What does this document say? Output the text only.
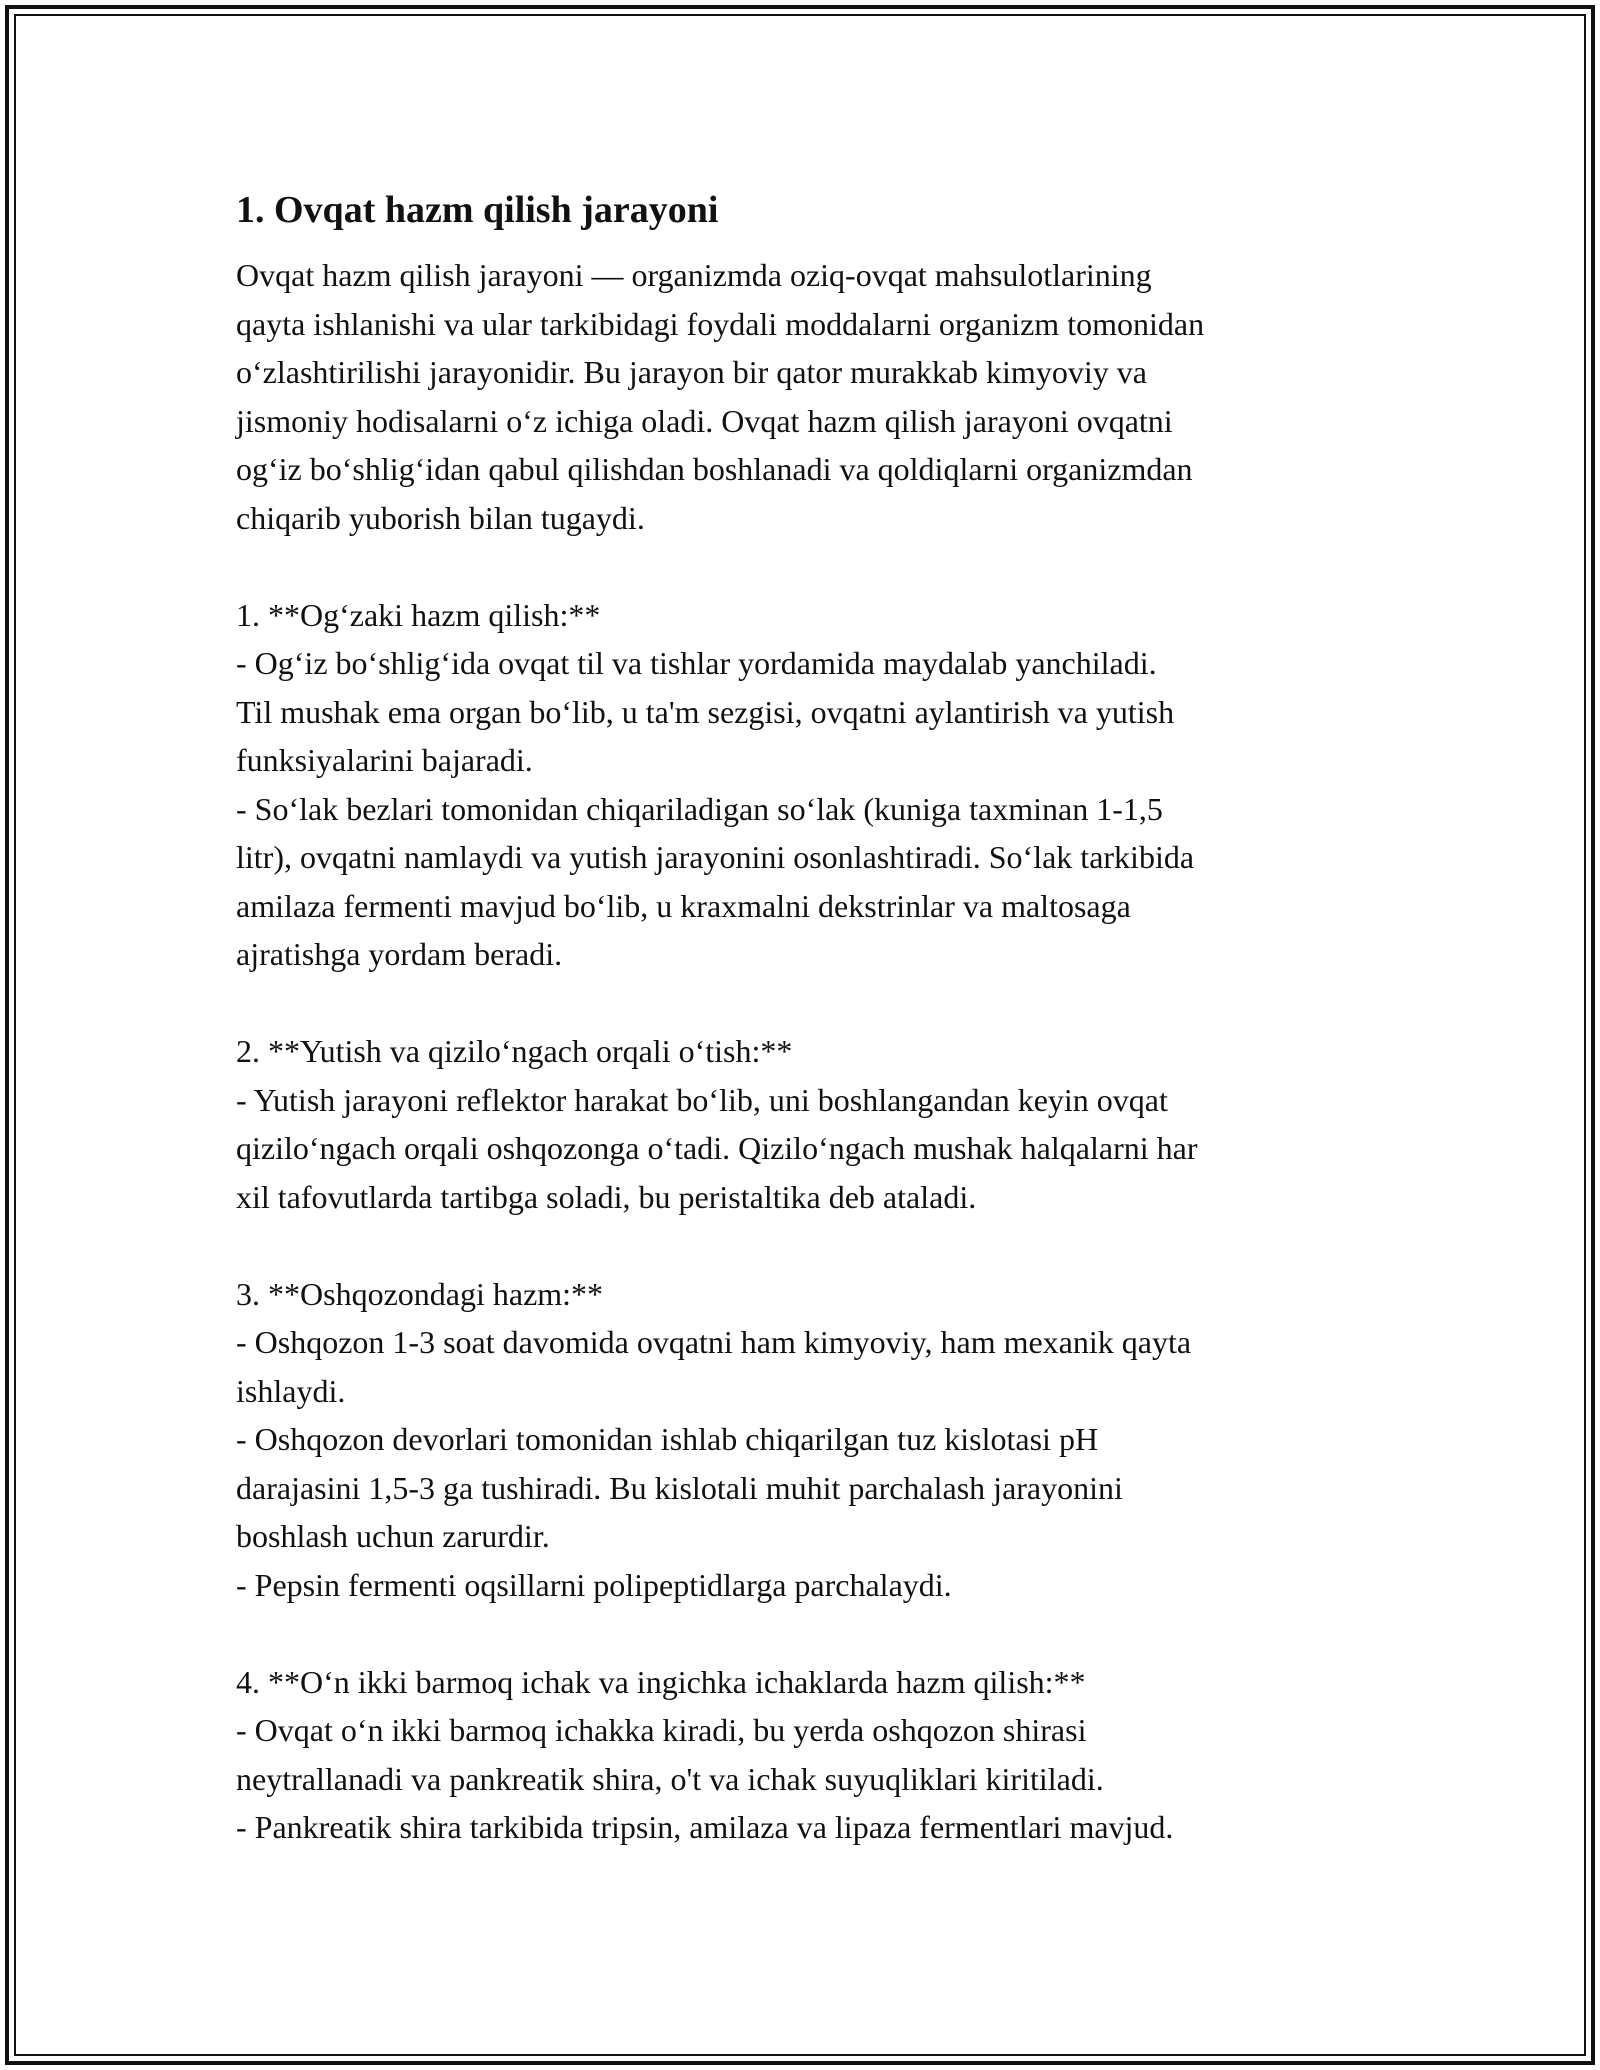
1. Ovqat hazm qilish jarayoni

Ovqat hazm qilish jarayoni — organizmda oziq-ovqat mahsulotlarining
qayta ishlanishi va ular tarkibidagi foydali moddalarni organizm tomonidan
o‘zlashtirilishi jarayonidir. Bu jarayon bir qator murakkab kimyoviy va
jismoniy hodisalarni o‘z ichiga oladi. Ovqat hazm qilish jarayoni ovqatni
og‘iz bo‘shlig‘idan qabul qilishdan boshlanadi va qoldiqlarni organizmdan
chiqarib yuborish bilan tugaydi.

1. **Og‘zaki hazm qilish:**
- Og‘iz bo‘shlig‘ida ovqat til va tishlar yordamida maydalab yanchiladi.
Til mushak ema organ bo‘lib, u ta'm sezgisi, ovqatni aylantirish va yutish
funksiyalarini bajaradi.
- So‘lak bezlari tomonidan chiqariladigan so‘lak (kuniga taxminan 1-1,5
litr), ovqatni namlaydi va yutish jarayonini osonlashtiradi. So‘lak tarkibida
amilaza fermenti mavjud bo‘lib, u kraxmalni dekstrinlar va maltosaga
ajratishga yordam beradi.
2. **Yutish va qizilo‘ngach orqali o‘tish:**
- Yutish jarayoni reflektor harakat bo‘lib, uni boshlangandan keyin ovqat
qizilo‘ngach orqali oshqozonga o‘tadi. Qizilo‘ngach mushak halqalarni har
xil tafovutlarda tartibga soladi, bu peristaltika deb ataladi.
3. **Oshqozondagi hazm:**
- Oshqozon 1-3 soat davomida ovqatni ham kimyoviy, ham mexanik qayta
ishlaydi.
- Oshqozon devorlari tomonidan ishlab chiqarilgan tuz kislotasi pH
darajasini 1,5-3 ga tushiradi. Bu kislotali muhit parchalash jarayonini
boshlash uchun zarurdir.
- Pepsin fermenti oqsillarni polipeptidlarga parchalaydi.
4. **O‘n ikki barmoq ichak va ingichka ichaklarda hazm qilish:**
- Ovqat o‘n ikki barmoq ichakka kiradi, bu yerda oshqozon shirasi
neytrallanadi va pankreatik shira, o't va ichak suyuqliklari kiritiladi.
- Pankreatik shira tarkibida tripsin, amilaza va lipaza fermentlari mavjud.
